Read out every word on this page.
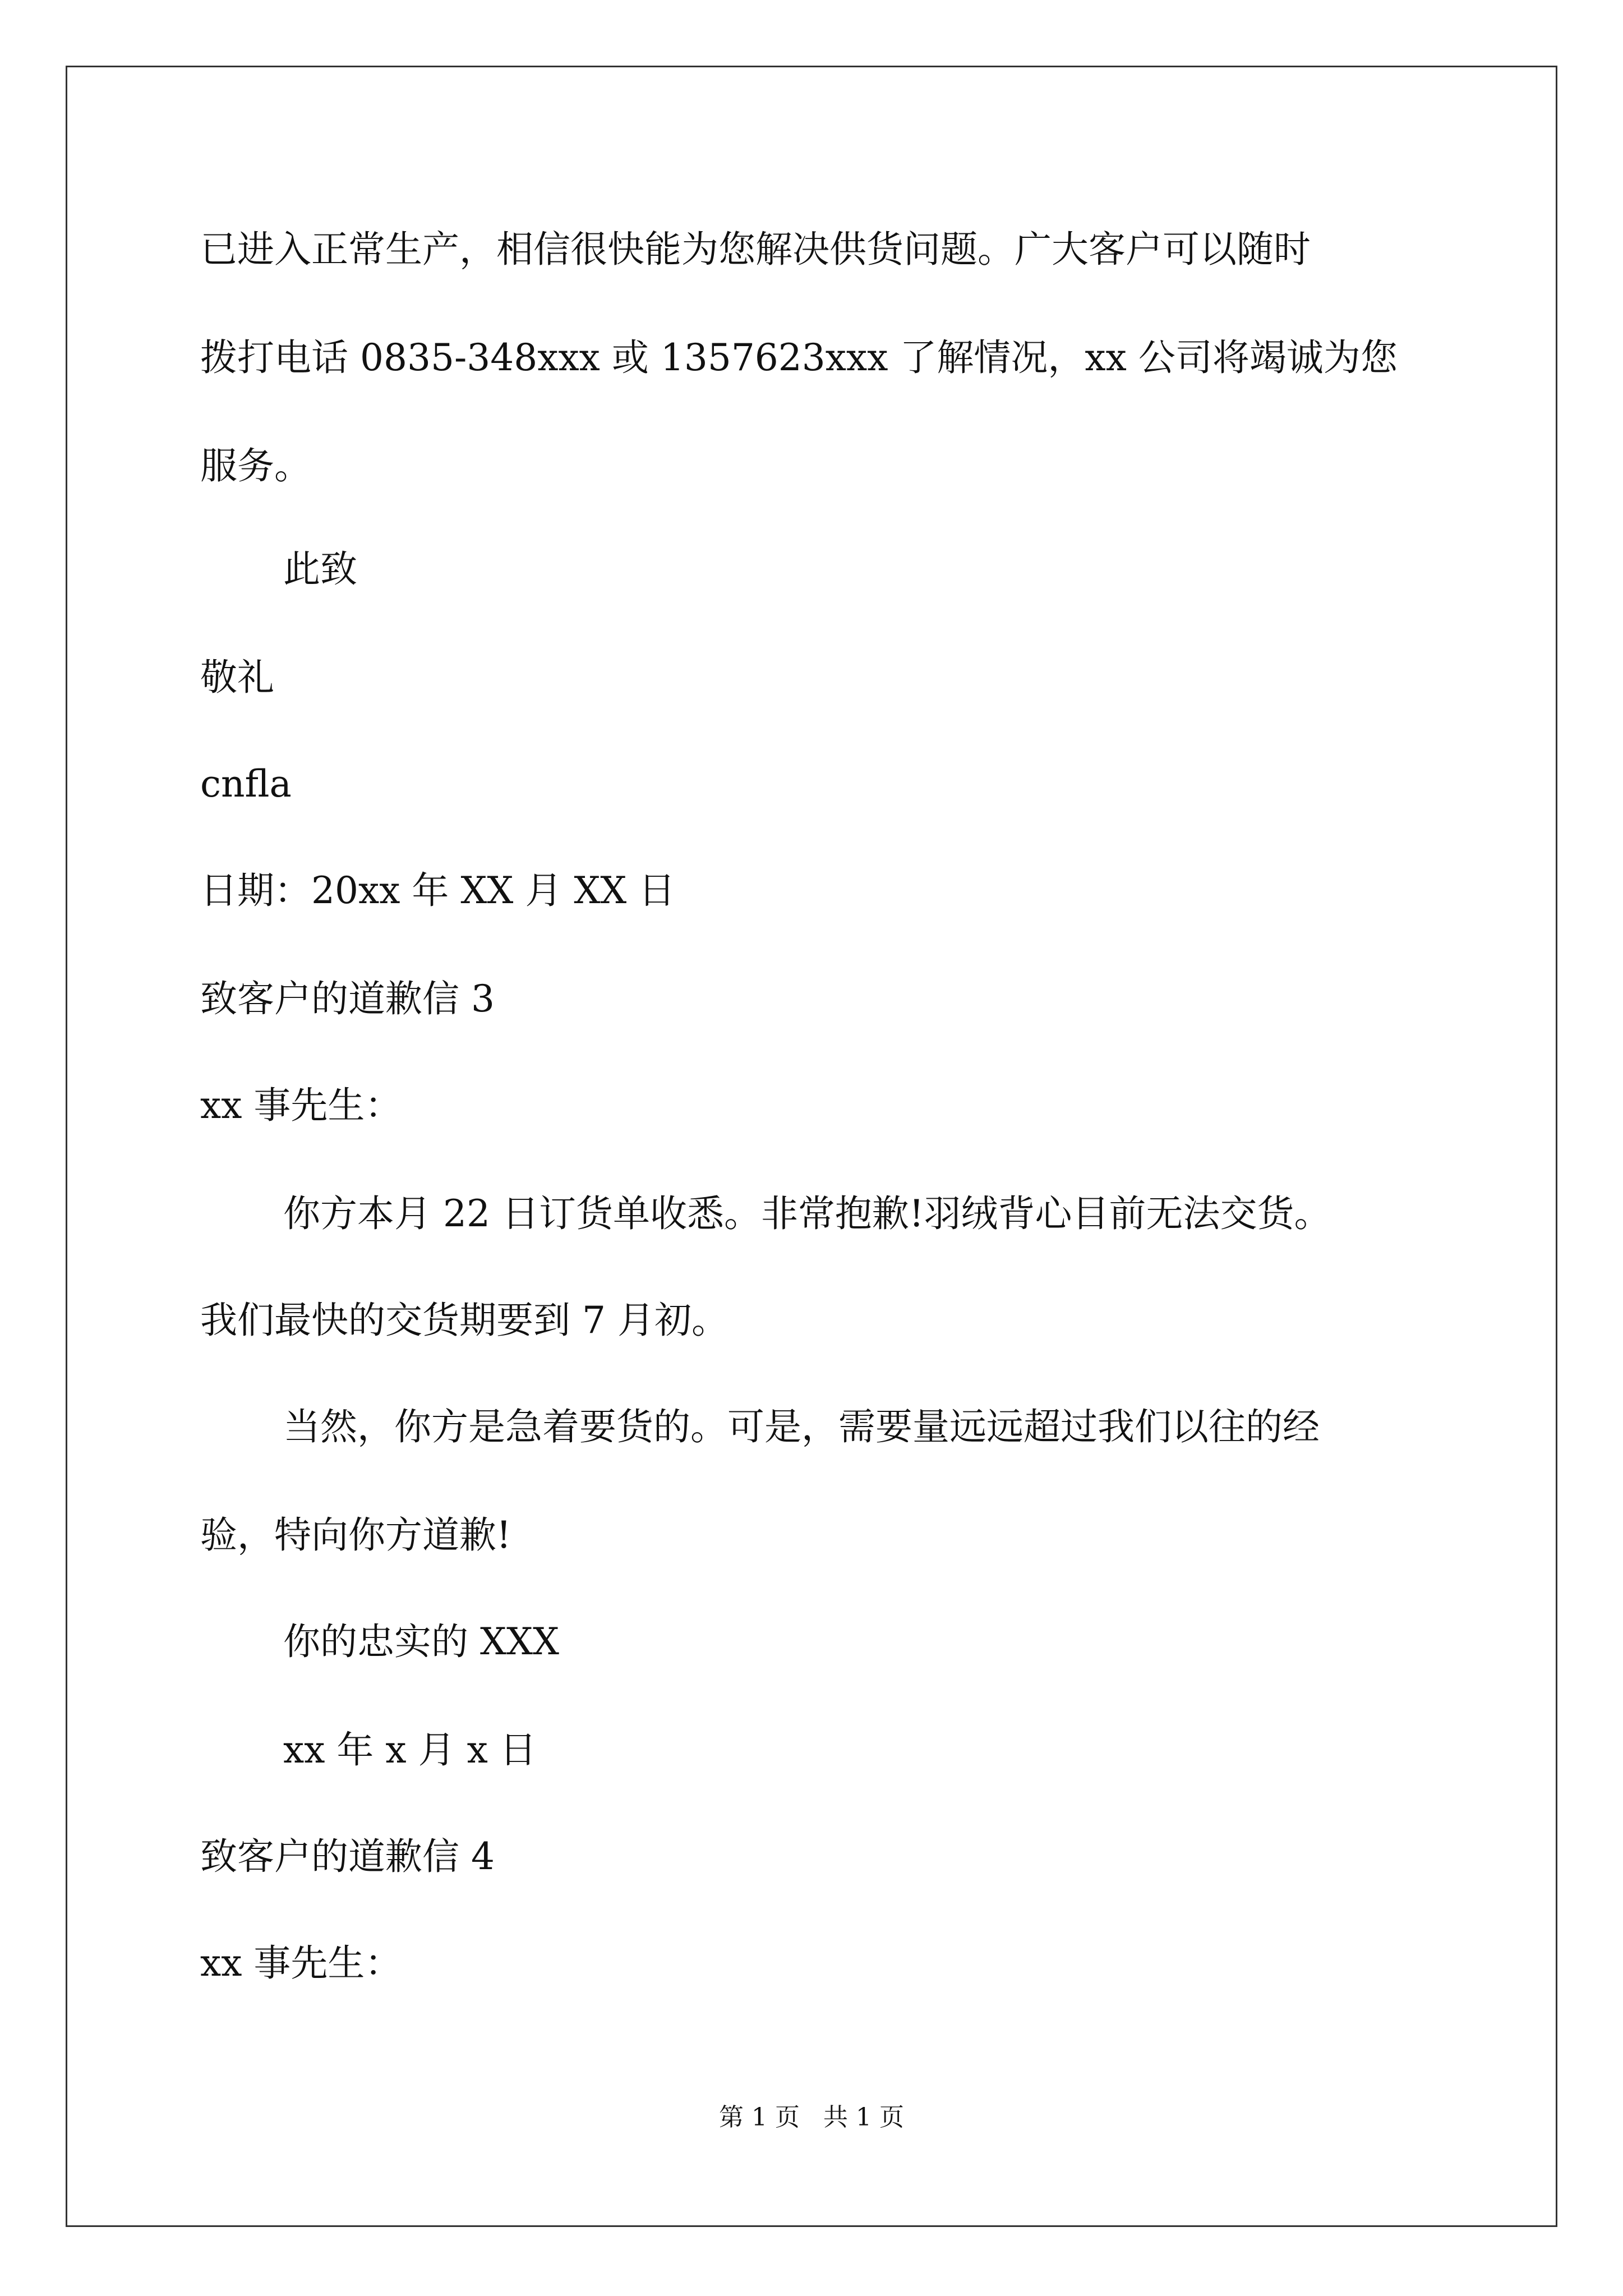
已进入正常生产，相信很快能为您解决供货问题。广大客户可以随时
拨打电话 0835-348xxx 或 1357623xxx 了解情况，xx 公司将竭诚为您
服务。
此致
敬礼
cnfla
日期：20xx 年 XX 月 XX 日
致客户的道歉信 3
xx 事先生：
你方本月 22 日订货单收悉。非常抱歉!羽绒背心目前无法交货。
我们最快的交货期要到 7 月初。
当然，你方是急着要货的。可是，需要量远远超过我们以往的经
验，特向你方道歉!
你的忠实的 XXX
xx 年 x 月 x 日
致客户的道歉信 4
xx 事先生：
第 1 页   共 1 页
